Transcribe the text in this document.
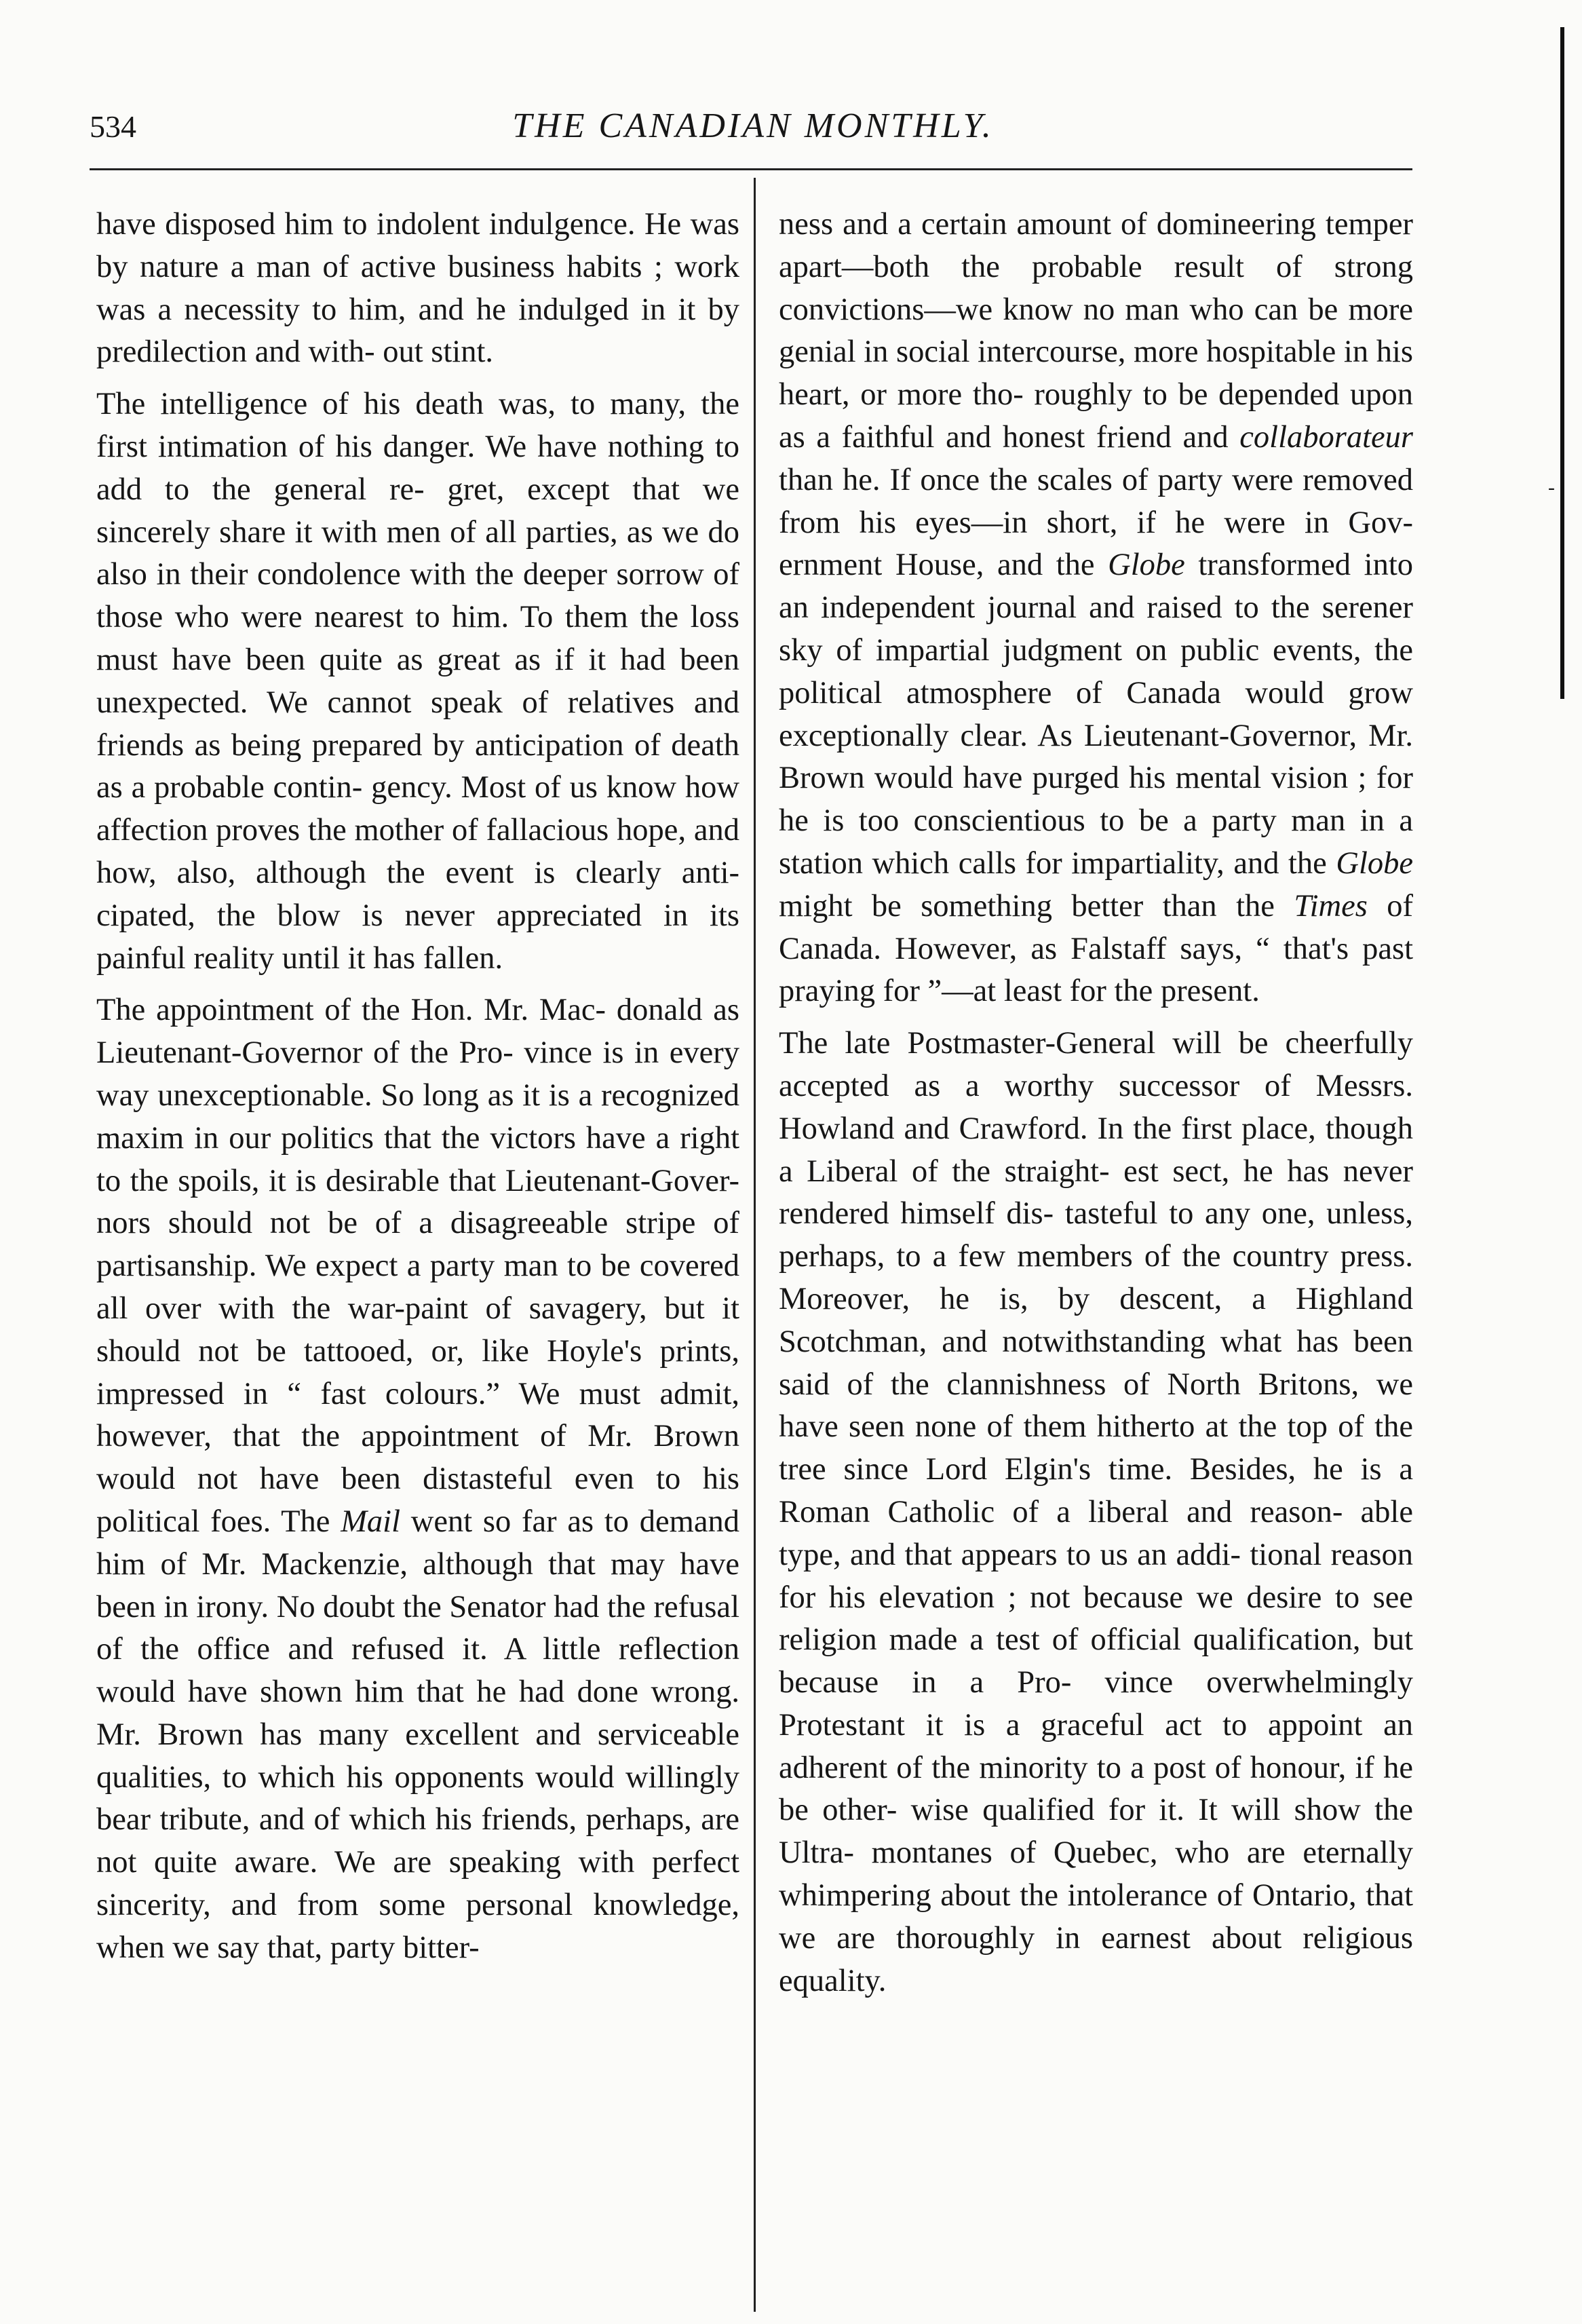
534	THE CANADIAN MONTHLY.
-

have disposed him to indolent indulgence. He was by nature a man of active business habits ; work was a necessity to him, and he indulged in it by predilection and with- out stint.

The intelligence of his death was, to many, the first intimation of his danger. We have nothing to add to the general re- gret, except that we sincerely share it with men of all parties, as we do also in their condolence with the deeper sorrow of those who were nearest to him. To them the loss must have been quite as great as if it had been unexpected. We cannot speak of relatives and friends as being prepared by anticipation of death as a probable contin- gency. Most of us know how affection proves the mother of fallacious hope, and how, also, although the event is clearly anti- cipated, the blow is never appreciated in its painful reality until it has fallen.

The appointment of the Hon. Mr. Mac- donald as Lieutenant-Governor of the Pro- vince is in every way unexceptionable. So long as it is a recognized maxim in our politics that the victors have a right to the spoils, it is desirable that Lieutenant-Gover- nors should not be of a disagreeable stripe of partisanship. We expect a party man to be covered all over with the war-paint of savagery, but it should not be tattooed, or, like Hoyle's prints, impressed in “ fast colours.” We must admit, however, that the appointment of Mr. Brown would not have been distasteful even to his political foes. The Mail went so far as to demand him of Mr. Mackenzie, although that may have been in irony. No doubt the Senator had the refusal of the office and refused it. A little reflection would have shown him that he had done wrong. Mr. Brown has many excellent and serviceable qualities, to which his opponents would willingly bear tribute, and of which his friends, perhaps, are not quite aware. We are speaking with perfect sincerity, and from some personal knowledge, when we say that, party bitter-

ness and a certain amount of domineering temper apart—both the probable result of strong convictions—we know no man who can be more genial in social intercourse, more hospitable in his heart, or more tho- roughly to be depended upon as a faithful and honest friend and collaborateur than he. If once the scales of party were removed from his eyes—in short, if he were in Gov- ernment House, and the Globe transformed into an independent journal and raised to the serener sky of impartial judgment on public events, the political atmosphere of Canada would grow exceptionally clear. As Lieutenant-Governor, Mr. Brown would have purged his mental vision ; for he is too conscientious to be a party man in a station which calls for impartiality, and the Globe might be something better than the Times of Canada. However, as Falstaff says, “ that's past praying for ”—at least for the present.

The late Postmaster-General will be cheerfully accepted as a worthy successor of Messrs. Howland and Crawford. In the first place, though a Liberal of the straight- est sect, he has never rendered himself dis- tasteful to any one, unless, perhaps, to a few members of the country press. Moreover, he is, by descent, a Highland Scotchman, and notwithstanding what has been said of the clannishness of North Britons, we have seen none of them hitherto at the top of the tree since Lord Elgin's time. Besides, he is a Roman Catholic of a liberal and reason- able type, and that appears to us an addi- tional reason for his elevation ; not because we desire to see religion made a test of official qualification, but because in a Pro- vince overwhelmingly Protestant it is a graceful act to appoint an adherent of the minority to a post of honour, if he be other- wise qualified for it. It will show the Ultra- montanes of Quebec, who are eternally whimpering about the intolerance of Ontario, that we are thoroughly in earnest about religious equality.
